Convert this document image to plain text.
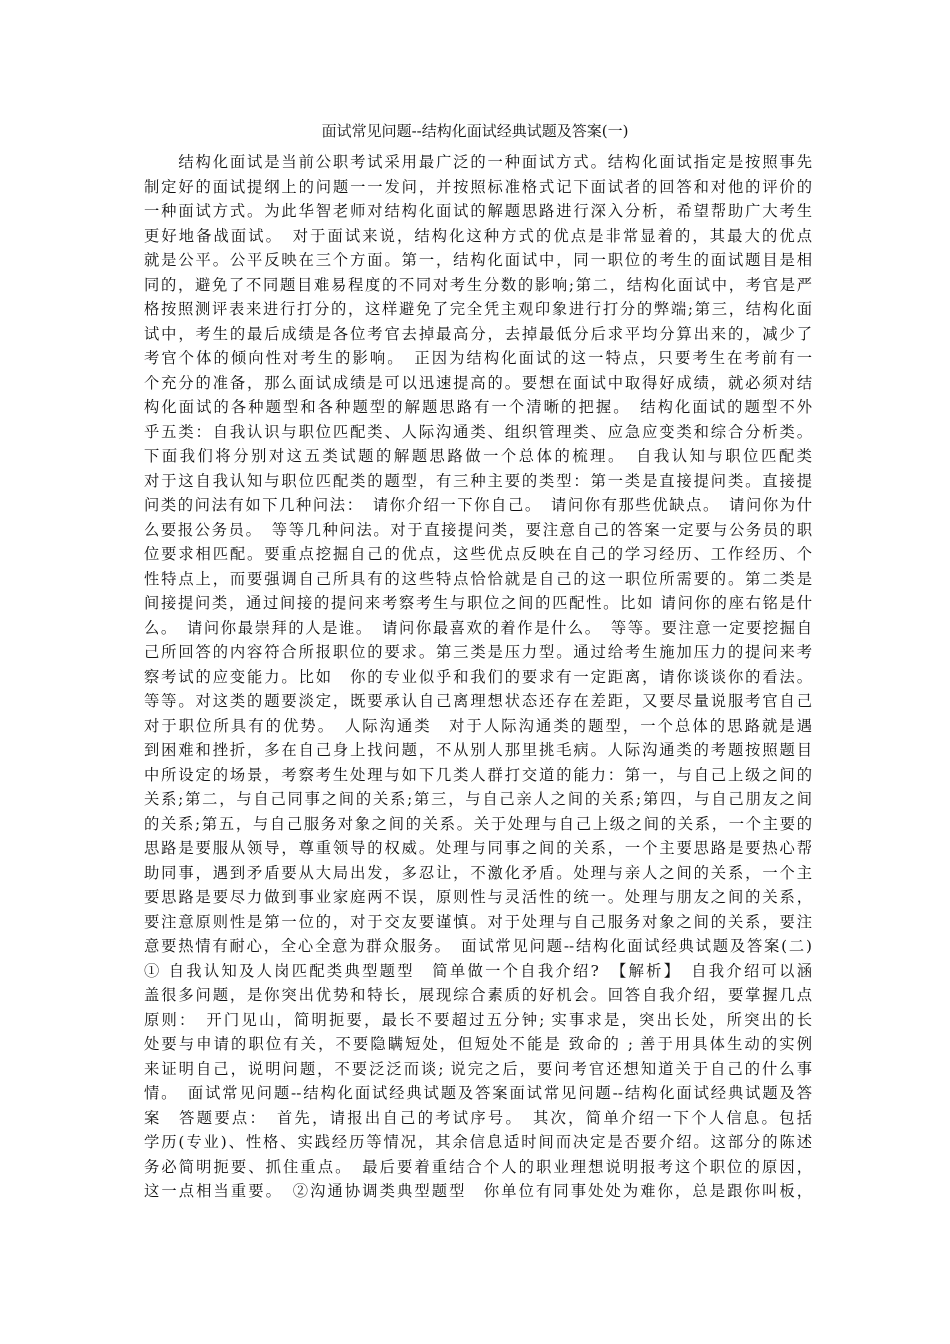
面试常见问题--结构化面试经典试题及答案(一)
　　结构化面试是当前公职考试采用最广泛的一种面试方式。结构化面试指定是按照事先
制定好的面试提纲上的问题一一发问，并按照标准格式记下面试者的回答和对他的评价的
一种面试方式。为此华智老师对结构化面试的解题思路进行深入分析，希望帮助广大考生
更好地备战面试。　对于面试来说，结构化这种方式的优点是非常显着的，其最大的优点
就是公平。公平反映在三个方面。第一，结构化面试中，同一职位的考生的面试题目是相
同的，避免了不同题目难易程度的不同对考生分数的影响;第二，结构化面试中，考官是严
格按照测评表来进行打分的，这样避免了完全凭主观印象进行打分的弊端;第三，结构化面
试中，考生的最后成绩是各位考官去掉最高分，去掉最低分后求平均分算出来的，减少了
考官个体的倾向性对考生的影响。　正因为结构化面试的这一特点，只要考生在考前有一
个充分的准备，那么面试成绩是可以迅速提高的。要想在面试中取得好成绩，就必须对结
构化面试的各种题型和各种题型的解题思路有一个清晰的把握。　结构化面试的题型不外
乎五类：自我认识与职位匹配类、人际沟通类、组织管理类、应急应变类和综合分析类。
下面我们将分别对这五类试题的解题思路做一个总体的梳理。　自我认知与职位匹配类
对于这自我认知与职位匹配类的题型，有三种主要的类型：第一类是直接提问类。直接提
问类的问法有如下几种问法：　请你介绍一下你自己。　请问你有那些优缺点。　请问你为什
么要报公务员。　等等几种问法。对于直接提问类，要注意自己的答案一定要与公务员的职
位要求相匹配。要重点挖掘自己的优点，这些优点反映在自己的学习经历、工作经历、个
性特点上，而要强调自己所具有的这些特点恰恰就是自己的这一职位所需要的。第二类是
间接提问类，通过间接的提问来考察考生与职位之间的匹配性。比如 请问你的座右铭是什
么。　请问你最崇拜的人是谁。　请问你最喜欢的着作是什么。　等等。要注意一定要挖掘自
己所回答的内容符合所报职位的要求。第三类是压力型。通过给考生施加压力的提问来考
察考试的应变能力。比如　你的专业似乎和我们的要求有一定距离，请你谈谈你的看法。
等等。对这类的题要淡定，既要承认自己离理想状态还存在差距，又要尽量说服考官自己
对于职位所具有的优势。　人际沟通类　对于人际沟通类的题型，一个总体的思路就是遇
到困难和挫折，多在自己身上找问题，不从别人那里挑毛病。人际沟通类的考题按照题目
中所设定的场景，考察考生处理与如下几类人群打交道的能力：第一，与自己上级之间的
关系;第二，与自己同事之间的关系;第三，与自己亲人之间的关系;第四，与自己朋友之间
的关系;第五，与自己服务对象之间的关系。关于处理与自己上级之间的关系，一个主要的
思路是要服从领导，尊重领导的权威。处理与同事之间的关系，一个主要思路是要热心帮
助同事，遇到矛盾要从大局出发，多忍让，不激化矛盾。处理与亲人之间的关系，一个主
要思路是要尽力做到事业家庭两不误，原则性与灵活性的统一。处理与朋友之间的关系，
要注意原则性是第一位的，对于交友要谨慎。对于处理与自己服务对象之间的关系，要注
意要热情有耐心，全心全意为群众服务。　面试常见问题--结构化面试经典试题及答案(二)
① 自我认知及人岗匹配类典型题型　简单做一个自我介绍?　【解析】　自我介绍可以涵
盖很多问题，是你突出优势和特长，展现综合素质的好机会。回答自我介绍，要掌握几点
原则：　开门见山，简明扼要，最长不要超过五分钟; 实事求是，突出长处，所突出的长
处要与申请的职位有关，不要隐瞒短处，但短处不能是 致命的 ; 善于用具体生动的实例
来证明自己，说明问题，不要泛泛而谈; 说完之后，要问考官还想知道关于自己的什么事
情。　面试常见问题--结构化面试经典试题及答案面试常见问题--结构化面试经典试题及答
案　答题要点：　首先，请报出自己的考试序号。　其次，简单介绍一下个人信息。包括
学历(专业)、性格、实践经历等情况，其余信息适时间而决定是否要介绍。这部分的陈述
务必简明扼要、抓住重点。　最后要着重结合个人的职业理想说明报考这个职位的原因，
这一点相当重要。　②沟通协调类典型题型　你单位有同事处处为难你，总是跟你叫板，
